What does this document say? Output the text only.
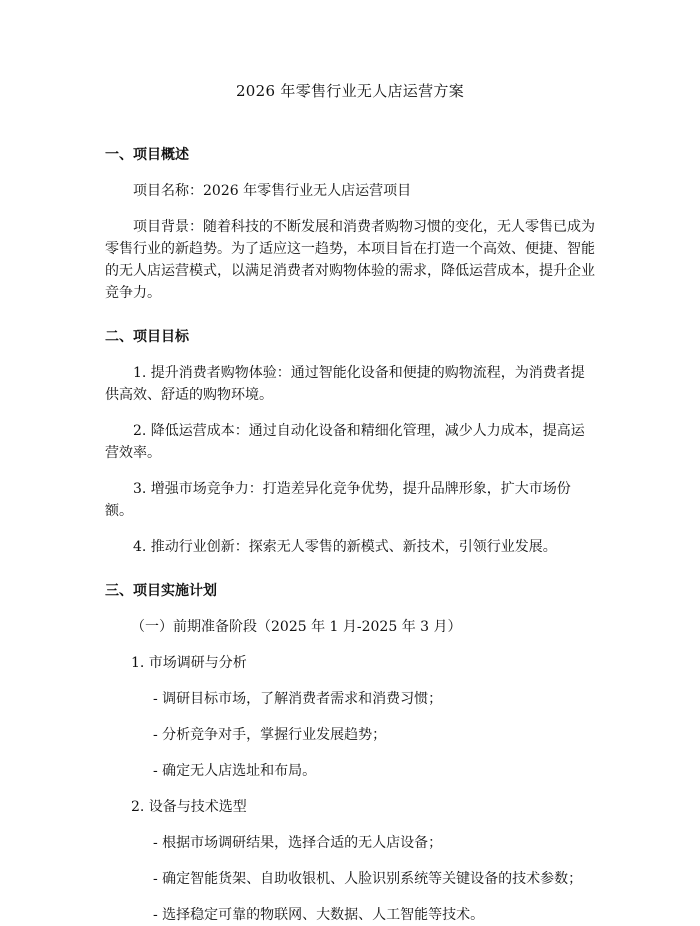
2026 年零售行业无人店运营方案
一、项目概述

项目名称：2026 年零售行业无人店运营项目

项目背景：随着科技的不断发展和消费者购物习惯的变化，无人零售已成为零售行业的新趋势。为了适应这一趋势，本项目旨在打造一个高效、便捷、智能的无人店运营模式，以满足消费者对购物体验的需求，降低运营成本，提升企业竞争力。

二、项目目标

1. 提升消费者购物体验：通过智能化设备和便捷的购物流程，为消费者提供高效、舒适的购物环境。

2. 降低运营成本：通过自动化设备和精细化管理，减少人力成本，提高运营效率。

3. 增强市场竞争力：打造差异化竞争优势，提升品牌形象，扩大市场份额。

4. 推动行业创新：探索无人零售的新模式、新技术，引领行业发展。

三、项目实施计划

（一）前期准备阶段（2025 年 1 月-2025 年 3 月）

1. 市场调研与分析

- 调研目标市场，了解消费者需求和消费习惯；

- 分析竞争对手，掌握行业发展趋势；

- 确定无人店选址和布局。

2. 设备与技术选型

- 根据市场调研结果，选择合适的无人店设备；

- 确定智能货架、自助收银机、人脸识别系统等关键设备的技术参数；

- 选择稳定可靠的物联网、大数据、人工智能等技术。
